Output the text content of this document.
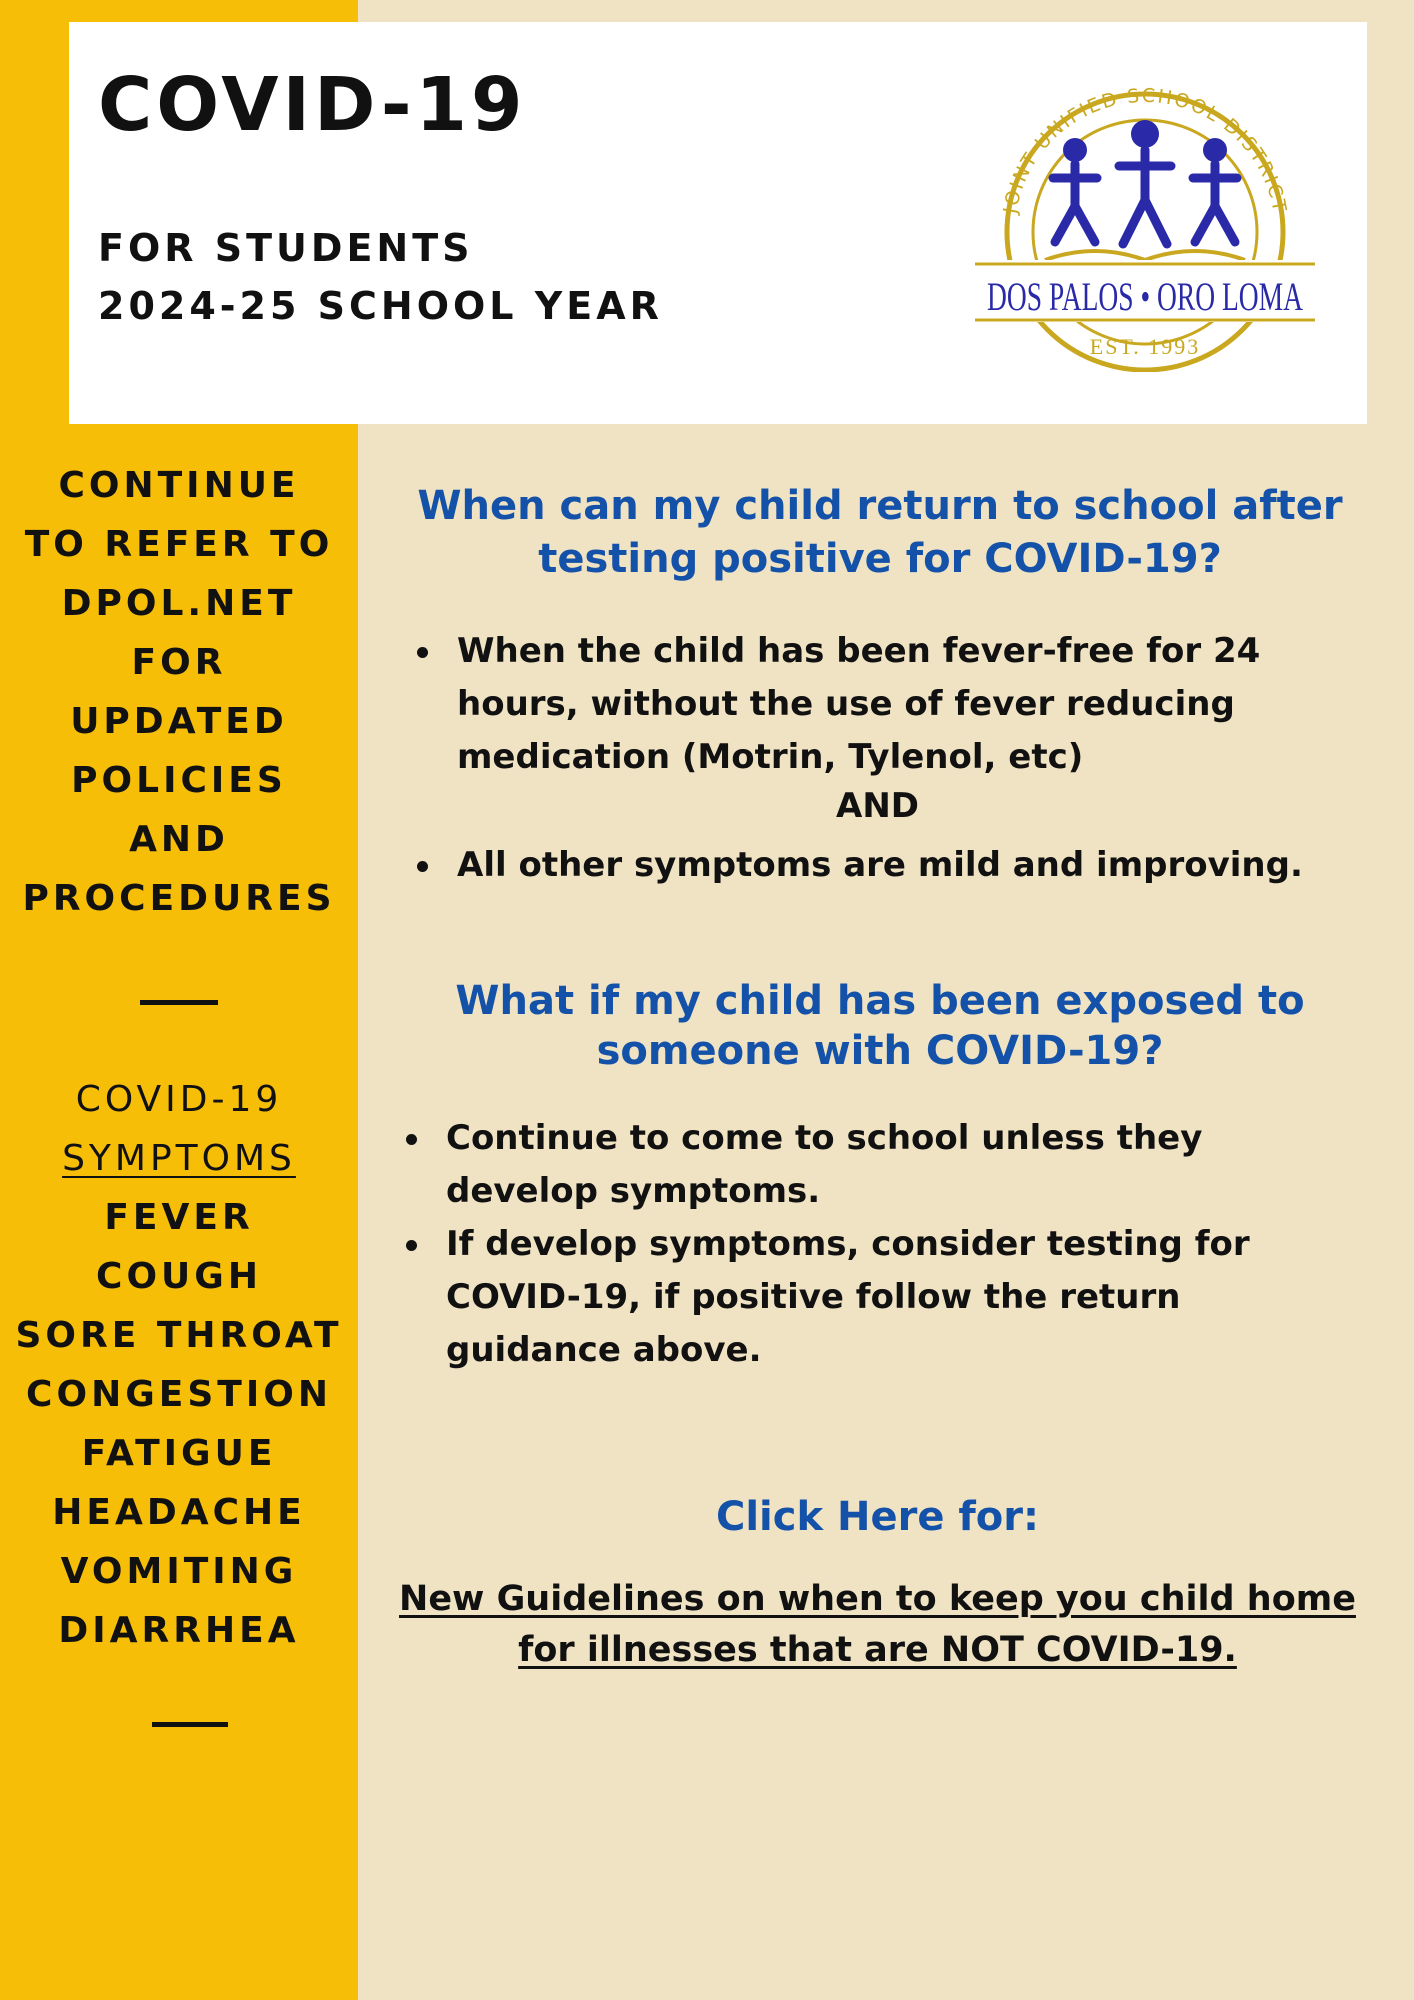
COVID-19

FOR STUDENTS

2024-25 SCHOOL YEAR

JOINT UNIFIED SCHOOL DISTRICT
DOS PALOS • ORO LOMA
EST. 1993
CONTINUE
TO REFER TO
DPOL.NET
FOR
UPDATED
POLICIES
AND
PROCEDURES
COVID-19
SYMPTOMS
FEVER
COUGH
SORE THROAT
CONGESTION
FATIGUE
HEADACHE
VOMITING
DIARRHEA
When can my child return to school after testing positive for COVID-19?
When the child has been fever-free for 24 hours, without the use of fever reducing medication (Motrin, Tylenol, etc)
AND
All other symptoms are mild and improving.
What if my child has been exposed to someone with COVID-19?
Continue to come to school unless they develop symptoms.
If develop symptoms, consider testing for COVID-19, if positive follow the return guidance above.

Click Here for:

New Guidelines on when to keep you child home for illnesses that are NOT COVID-19.
